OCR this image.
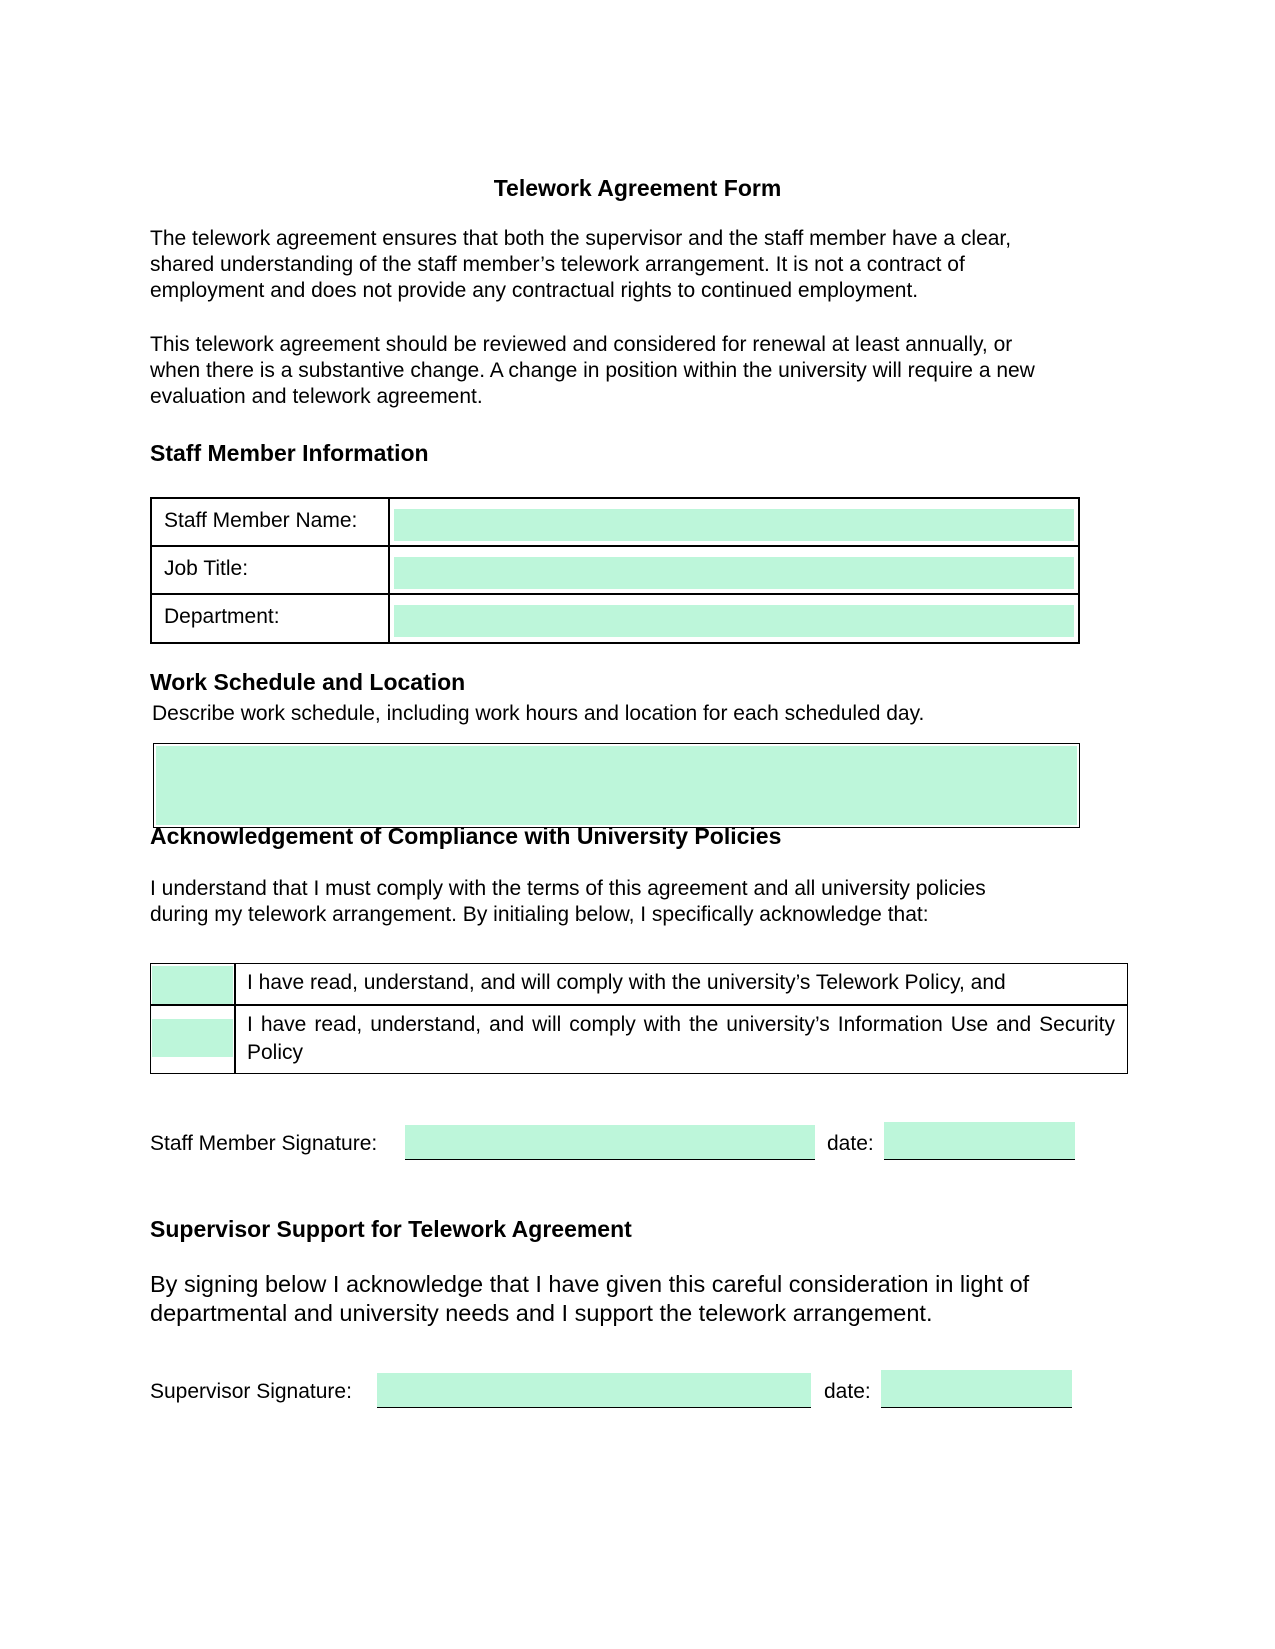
Telework Agreement Form
The telework agreement ensures that both the supervisor and the staff member have a clear,
shared understanding of the staff member’s telework arrangement. It is not a contract of
employment and does not provide any contractual rights to continued employment.
This telework agreement should be reviewed and considered for renewal at least annually, or
when there is a substantive change. A change in position within the university will require a new
evaluation and telework agreement.
Staff Member Information
Staff Member Name:
Job Title:
Department:
Work Schedule and Location
Describe work schedule, including work hours and location for each scheduled day.
Acknowledgement of Compliance with University Policies
I understand that I must comply with the terms of this agreement and all university policies
during my telework arrangement. By initialing below, I specifically acknowledge that:
I have read, understand, and will comply with the university’s Telework Policy, and
I have read, understand, and will comply with the university’s Information Use and Security Policy
Staff Member Signature:	date:
Supervisor Support for Telework Agreement
By signing below I acknowledge that I have given this careful consideration in light of
departmental and university needs and I support the telework arrangement.
Supervisor Signature:	date:
